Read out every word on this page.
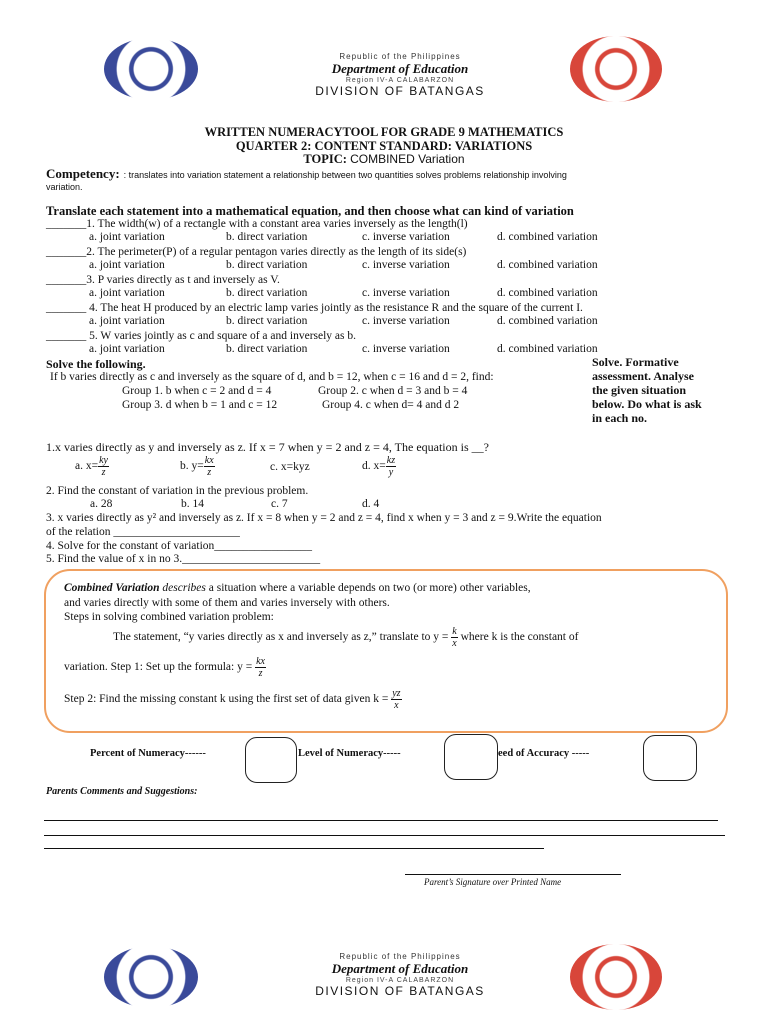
Republic of the Philippines
Department of Education
Region IV-A CALABARZON
DIVISION OF BATANGAS
WRITTEN NUMERACYTOOL FOR GRADE 9 MATHEMATICS
QUARTER 2: CONTENT STANDARD: VARIATIONS
TOPIC: COMBINED Variation
Competency: : translates into variation statement a relationship between two quantities solves problems relationship involving
variation.
Translate each statement into a mathematical equation, and then choose what can kind of variation
_______1. The width(w) of a rectangle with a constant area varies inversely as the length(l)
a. joint variation	b. direct variation	c. inverse variation	d. combined variation
_______2. The perimeter(P) of a regular pentagon varies directly as the length of its side(s)
a. joint variation	b. direct variation	c. inverse variation	d. combined variation
_______3. P varies directly as t and inversely as V.
a. joint variation	b. direct variation	c. inverse variation	d. combined variation
_______ 4. The heat H produced by an electric lamp varies jointly as the resistance R and the square of the current I.
a. joint variation	b. direct variation	c. inverse variation	d. combined variation
_______ 5. W varies jointly as c and square of a and inversely as b.
a. joint variation	b. direct variation	c. inverse variation	d. combined variation
Solve the following.
If b varies directly as c and inversely as the square of d, and b = 12, when c = 16 and d = 2, find:
Group 1. b when c = 2 and d = 4	Group 2. c when d = 3 and b = 4
Group 3. d when b = 1 and c = 12	Group 4. c when d= 4 and d 2
Solve. Formative
assessment. Analyse
the given situation
below. Do what is ask
in each no.
1.x varies directly as y and inversely as z. If x = 7 when y = 2 and z = 4, The equation is __?
a. $x= \frac{ky}{z}$	b. $y= \frac{kx}{z}$	c. x=kyz	d. $x= \frac{kz}{y}$
2. Find the constant of variation in the previous problem.
a. 28	b. 14	c. 7	d. 4
3. x varies directly as y² and inversely as z. If x = 8 when y = 2 and z = 4, find x when y = 3 and z = 9.Write the equation
of the relation ______________________
4. Solve for the constant of variation_________________
5. Find the value of x in no 3.________________________
Combined Variation describes a situation where a variable depends on two (or more) other variables,
and varies directly with some of them and varies inversely with others.
Steps in solving combined variation problem:
The statement, “y varies directly as x and inversely as z,” translate to $y = \frac{k}{x}$ where k is the constant of
variation. Step 1: Set up the formula: $y = \frac{kx}{z}$
Step 2: Find the missing constant k using the first set of data given $k = \frac{yz}{x}$
Percent of Numeracy------	Level of Numeracy-----	eed of Accuracy -----
Parents Comments and Suggestions:
Parent’s Signature over Printed Name
Republic of the Philippines
Department of Education
Region IV-A CALABARZON
DIVISION OF BATANGAS
